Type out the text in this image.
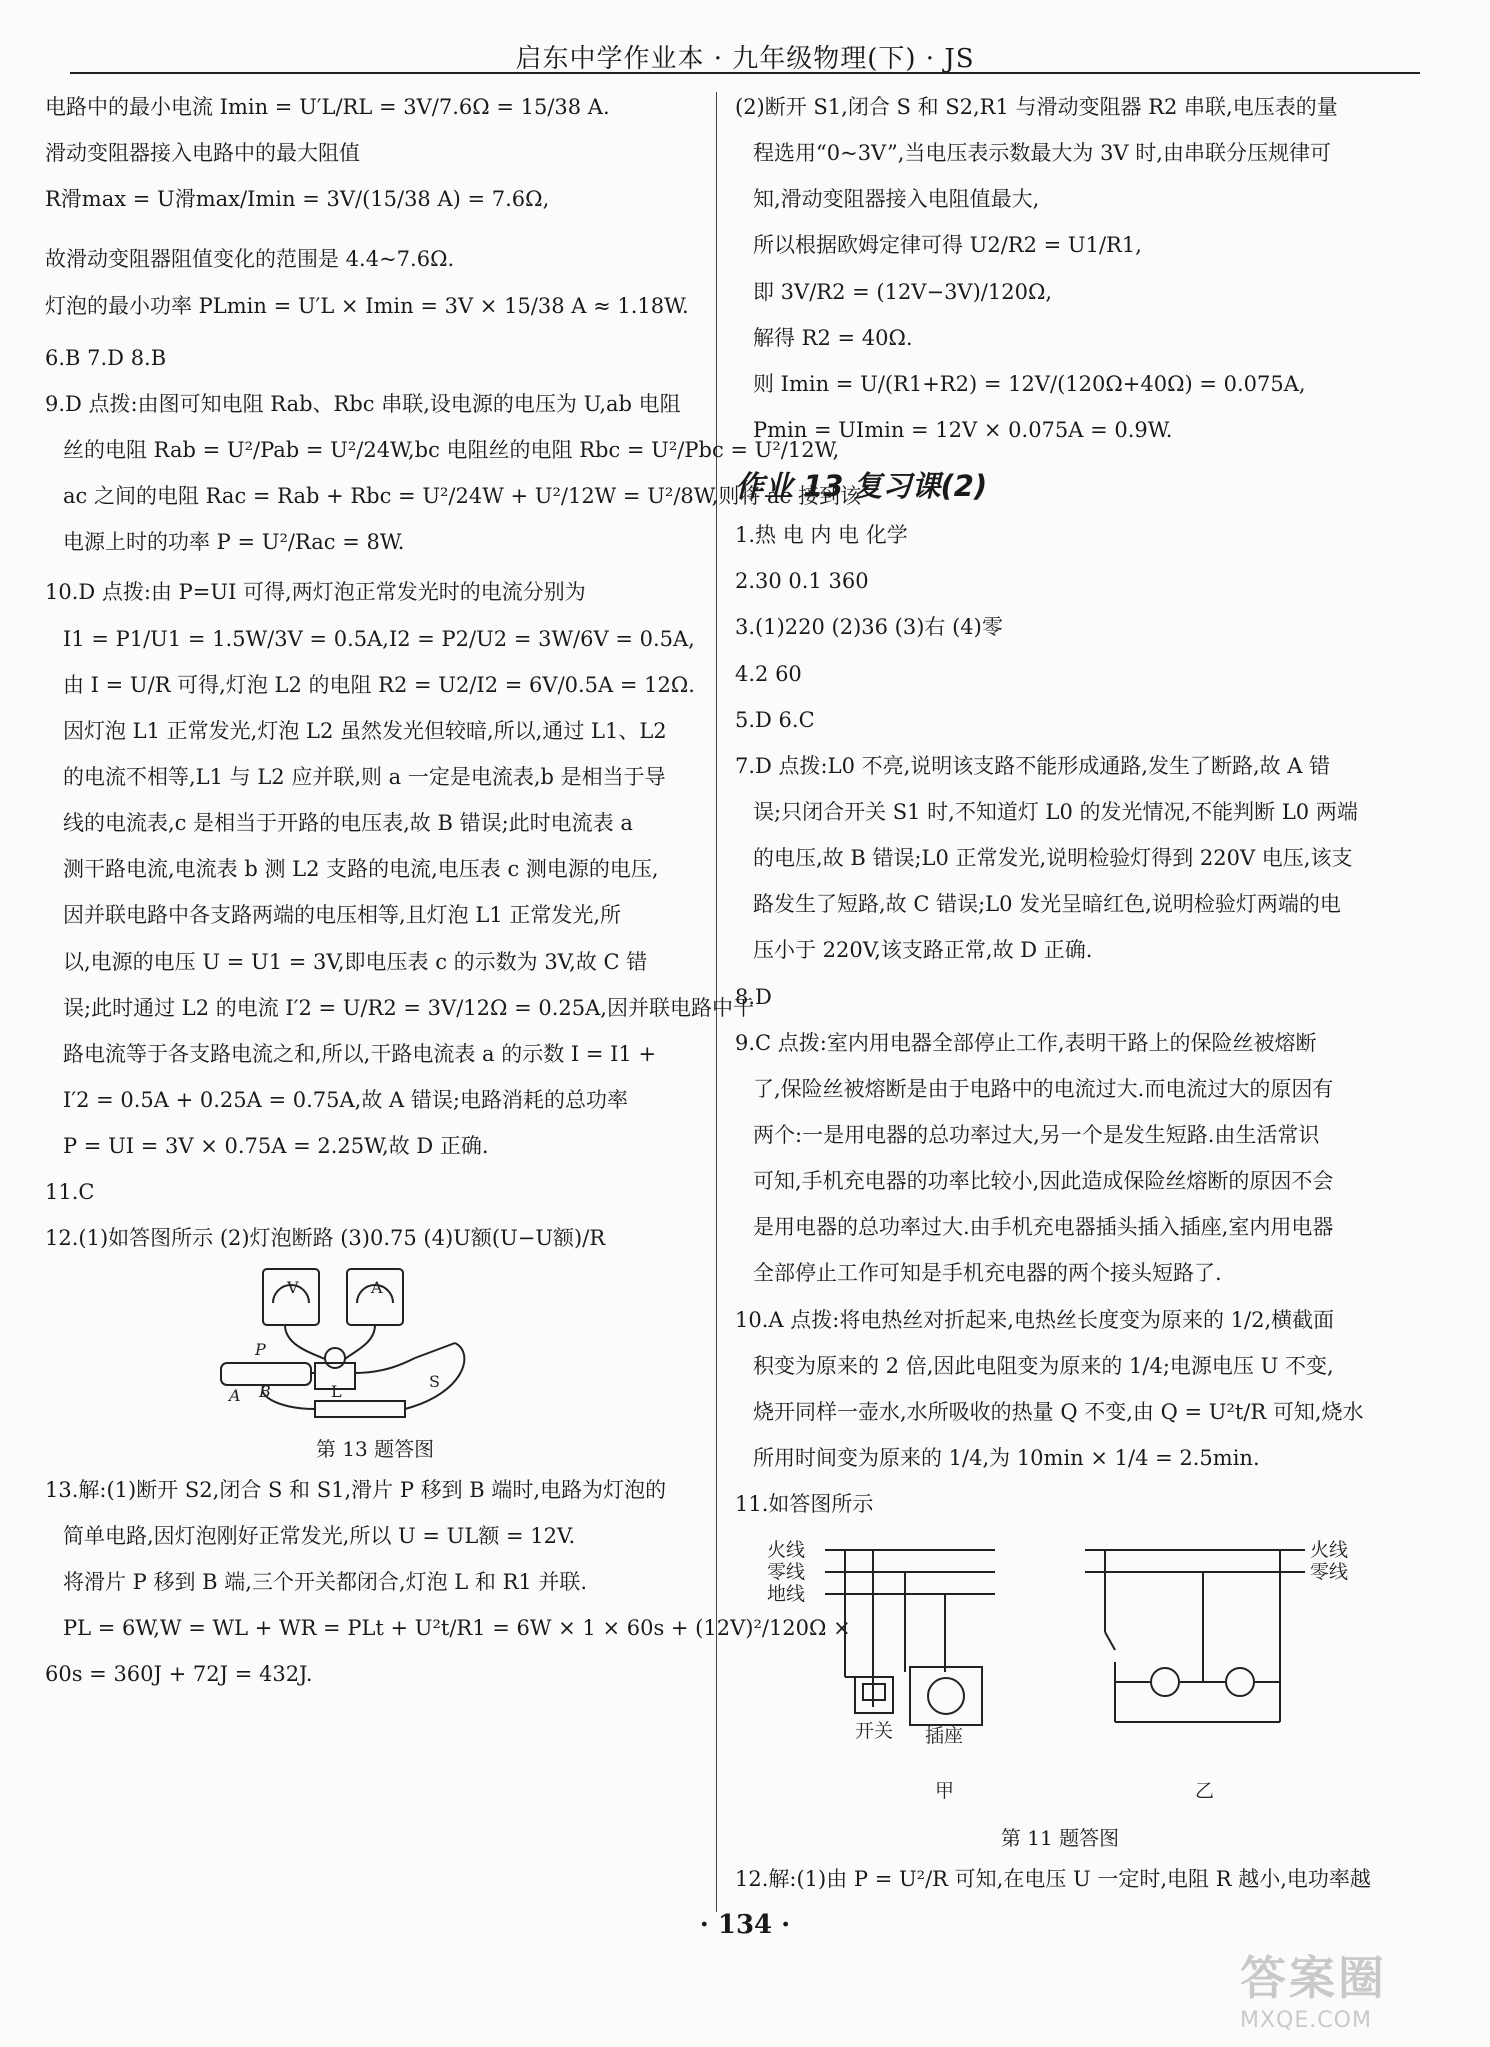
启东中学作业本 · 九年级物理(下) · JS

电路中的最小电流 Imin = U′L/RL = 3V/7.6Ω = 15/38 A.

滑动变阻器接入电路中的最大阻值

R滑max = U滑max/Imin = 3V/(15/38 A) = 7.6Ω,

故滑动变阻器阻值变化的范围是 4.4~7.6Ω.

灯泡的最小功率 PLmin = U′L × Imin = 3V × 15/38 A ≈ 1.18W.

6.B 7.D 8.B

9.D 点拨:由图可知电阻 Rab、Rbc 串联,设电源的电压为 U,ab 电阻

丝的电阻 Rab = U²/Pab = U²/24W,bc 电阻丝的电阻 Rbc = U²/Pbc = U²/12W,

ac 之间的电阻 Rac = Rab + Rbc = U²/24W + U²/12W = U²/8W,则将 ac 接到该

电源上时的功率 P = U²/Rac = 8W.

10.D 点拨:由 P=UI 可得,两灯泡正常发光时的电流分别为

I1 = P1/U1 = 1.5W/3V = 0.5A,I2 = P2/U2 = 3W/6V = 0.5A,

由 I = U/R 可得,灯泡 L2 的电阻 R2 = U2/I2 = 6V/0.5A = 12Ω.

因灯泡 L1 正常发光,灯泡 L2 虽然发光但较暗,所以,通过 L1、L2

的电流不相等,L1 与 L2 应并联,则 a 一定是电流表,b 是相当于导

线的电流表,c 是相当于开路的电压表,故 B 错误;此时电流表 a

测干路电流,电流表 b 测 L2 支路的电流,电压表 c 测电源的电压,

因并联电路中各支路两端的电压相等,且灯泡 L1 正常发光,所

以,电源的电压 U = U1 = 3V,即电压表 c 的示数为 3V,故 C 错

误;此时通过 L2 的电流 I′2 = U/R2 = 3V/12Ω = 0.25A,因并联电路中干

路电流等于各支路电流之和,所以,干路电流表 a 的示数 I = I1 +

I′2 = 0.5A + 0.25A = 0.75A,故 A 错误;电路消耗的总功率

P = UI = 3V × 0.75A = 2.25W,故 D 正确.

11.C

12.(1)如答图所示 (2)灯泡断路 (3)0.75 (4)U额(U−U额)/R

V	A
P
A B	L
S
第 13 题答图

13.解:(1)断开 S2,闭合 S 和 S1,滑片 P 移到 B 端时,电路为灯泡的

简单电路,因灯泡刚好正常发光,所以 U = UL额 = 12V.

将滑片 P 移到 B 端,三个开关都闭合,灯泡 L 和 R1 并联.

PL = 6W,W = WL + WR = PLt + U²t/R1 = 6W × 1 × 60s + (12V)²/120Ω ×

60s = 360J + 72J = 432J.

(2)断开 S1,闭合 S 和 S2,R1 与滑动变阻器 R2 串联,电压表的量

程选用“0~3V”,当电压表示数最大为 3V 时,由串联分压规律可

知,滑动变阻器接入电阻值最大,

所以根据欧姆定律可得 U2/R2 = U1/R1,

即 3V/R2 = (12V−3V)/120Ω,

解得 R2 = 40Ω.

则 Imin = U/(R1+R2) = 12V/(120Ω+40Ω) = 0.075A,

Pmin = UImin = 12V × 0.075A = 0.9W.

作业 13 复习课(2)

1.热 电 内 电 化学

2.30 0.1 360

3.(1)220 (2)36 (3)右 (4)零

4.2 60

5.D 6.C

7.D 点拨:L0 不亮,说明该支路不能形成通路,发生了断路,故 A 错

误;只闭合开关 S1 时,不知道灯 L0 的发光情况,不能判断 L0 两端

的电压,故 B 错误;L0 正常发光,说明检验灯得到 220V 电压,该支

路发生了短路,故 C 错误;L0 发光呈暗红色,说明检验灯两端的电

压小于 220V,该支路正常,故 D 正确.

8.D

9.C 点拨:室内用电器全部停止工作,表明干路上的保险丝被熔断

了,保险丝被熔断是由于电路中的电流过大.而电流过大的原因有

两个:一是用电器的总功率过大,另一个是发生短路.由生活常识

可知,手机充电器的功率比较小,因此造成保险丝熔断的原因不会

是用电器的总功率过大.由手机充电器插头插入插座,室内用电器

全部停止工作可知是手机充电器的两个接头短路了.

10.A 点拨:将电热丝对折起来,电热丝长度变为原来的 1/2,横截面

积变为原来的 2 倍,因此电阻变为原来的 1/4;电源电压 U 不变,

烧开同样一壶水,水所吸收的热量 Q 不变,由 Q = U²t/R 可知,烧水

所用时间变为原来的 1/4,为 10min × 1/4 = 2.5min.

11.如答图所示

火线
零线
地线
开关 插座
火线
零线
甲	乙
第 11 题答图

12.解:(1)由 P = U²/R 可知,在电压 U 一定时,电阻 R 越小,电功率越

· 134 ·
答案圈
MXQE.COM
